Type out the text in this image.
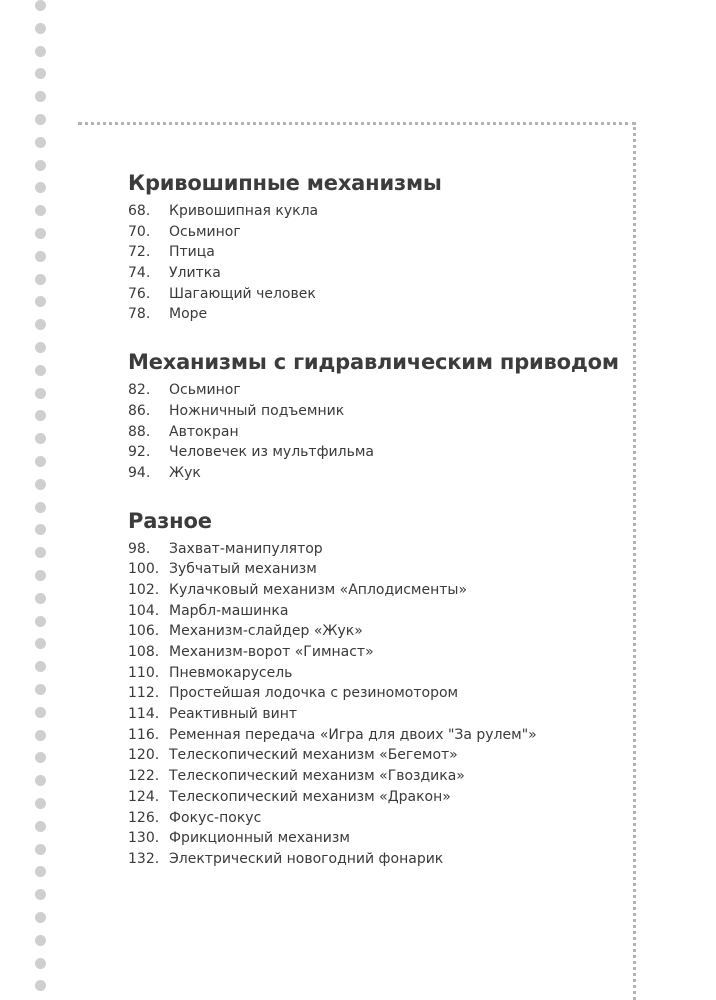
Кривошипные механизмы
68.	Кривошипная кукла
70.	Осьминог
72.	Птица
74.	Улитка
76.	Шагающий человек
78.	Море
Механизмы с гидравлическим приводом
82.	Осьминог
86.	Ножничный подъемник
88.	Автокран
92.	Человечек из мультфильма
94.	Жук
Разное
98.	Захват-манипулятор
100. Зубчатый механизм
102. Кулачковый механизм «Аплодисменты»
104. Марбл-машинка
106. Механизм-слайдер «Жук»
108. Механизм-ворот «Гимнаст»
110. Пневмокарусель
112. Простейшая лодочка с резиномотором
114. Реактивный винт
116. Ременная передача «Игра для двоих "За рулем"»
120. Телескопический механизм «Бегемот»
122. Телескопический механизм «Гвоздика»
124. Телескопический механизм «Дракон»
126. Фокус-покус
130. Фрикционный механизм
132. Электрический новогодний фонарик
